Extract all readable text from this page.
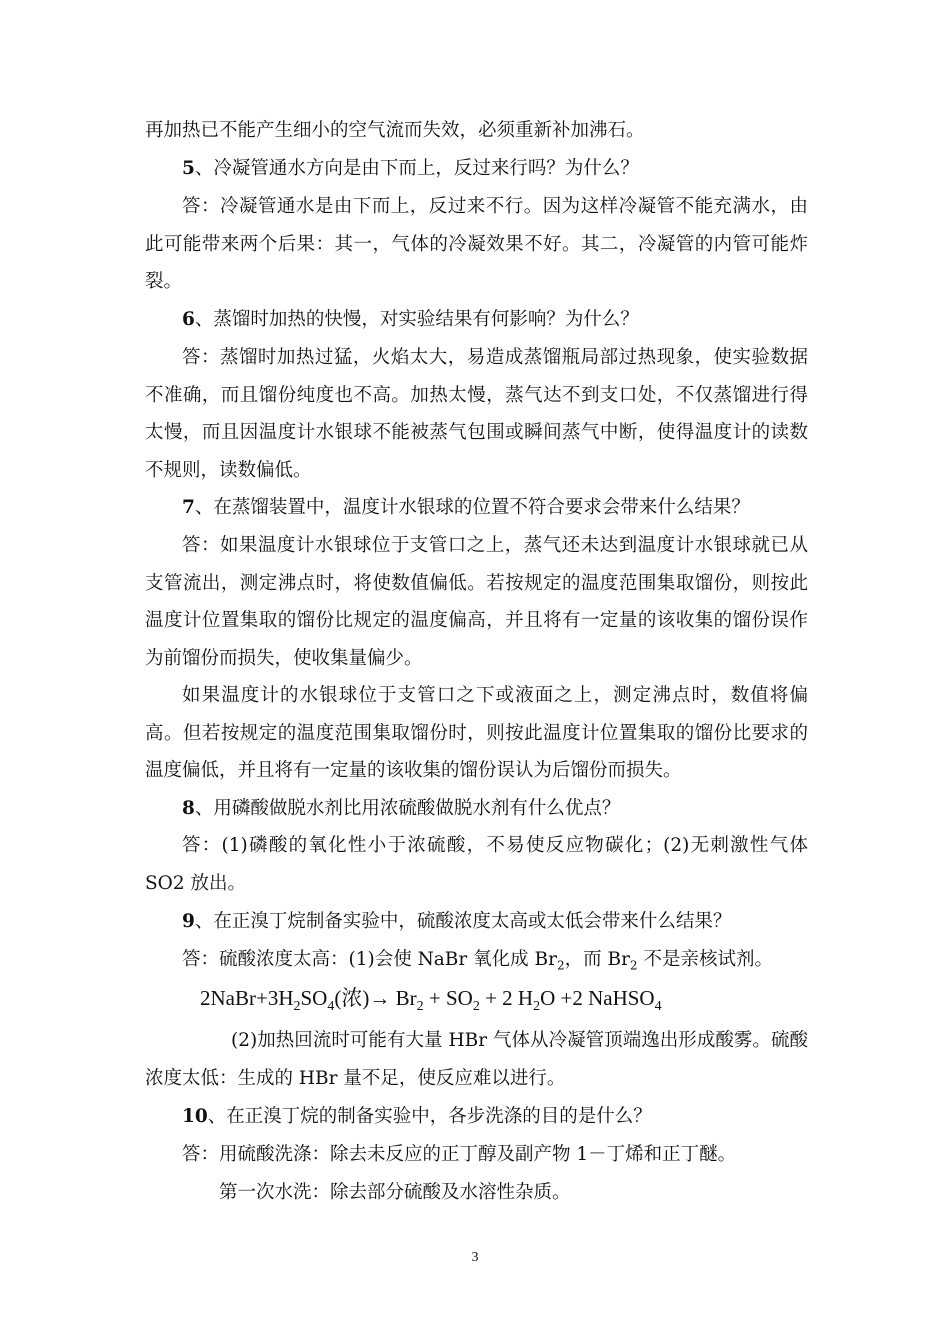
再加热已不能产生细小的空气流而失效，必须重新补加沸石。

5、冷凝管通水方向是由下而上，反过来行吗？为什么？

答：冷凝管通水是由下而上，反过来不行。因为这样冷凝管不能充满水，由此可能带来两个后果：其一，气体的冷凝效果不好。其二，冷凝管的内管可能炸裂。

6、蒸馏时加热的快慢，对实验结果有何影响？为什么？

答：蒸馏时加热过猛，火焰太大，易造成蒸馏瓶局部过热现象，使实验数据不准确，而且馏份纯度也不高。加热太慢，蒸气达不到支口处，不仅蒸馏进行得太慢，而且因温度计水银球不能被蒸气包围或瞬间蒸气中断，使得温度计的读数不规则，读数偏低。

7、在蒸馏装置中，温度计水银球的位置不符合要求会带来什么结果？

答：如果温度计水银球位于支管口之上，蒸气还未达到温度计水银球就已从支管流出，测定沸点时，将使数值偏低。若按规定的温度范围集取馏份，则按此温度计位置集取的馏份比规定的温度偏高，并且将有一定量的该收集的馏份误作为前馏份而损失，使收集量偏少。

如果温度计的水银球位于支管口之下或液面之上，测定沸点时，数值将偏高。但若按规定的温度范围集取馏份时，则按此温度计位置集取的馏份比要求的温度偏低，并且将有一定量的该收集的馏份误认为后馏份而损失。

8、用磷酸做脱水剂比用浓硫酸做脱水剂有什么优点？

答：(1)磷酸的氧化性小于浓硫酸，不易使反应物碳化；(2)无刺激性气体 SO2 放出。

9、在正溴丁烷制备实验中，硫酸浓度太高或太低会带来什么结果？

答：硫酸浓度太高：(1)会使 NaBr 氧化成 $Br_2$，而 $Br_2$ 不是亲核试剂。

$2NaBr+3H_2SO_4$(浓)→ $Br_2 + SO_2 + 2$ $H_2O +2$ NaHSO$_4$

(2)加热回流时可能有大量 HBr 气体从冷凝管顶端逸出形成酸雾。硫酸浓度太低：生成的 HBr 量不足，使反应难以进行。

10、在正溴丁烷的制备实验中，各步洗涤的目的是什么？

答：用硫酸洗涤：除去未反应的正丁醇及副产物 1－丁烯和正丁醚。

第一次水洗：除去部分硫酸及水溶性杂质。

3
